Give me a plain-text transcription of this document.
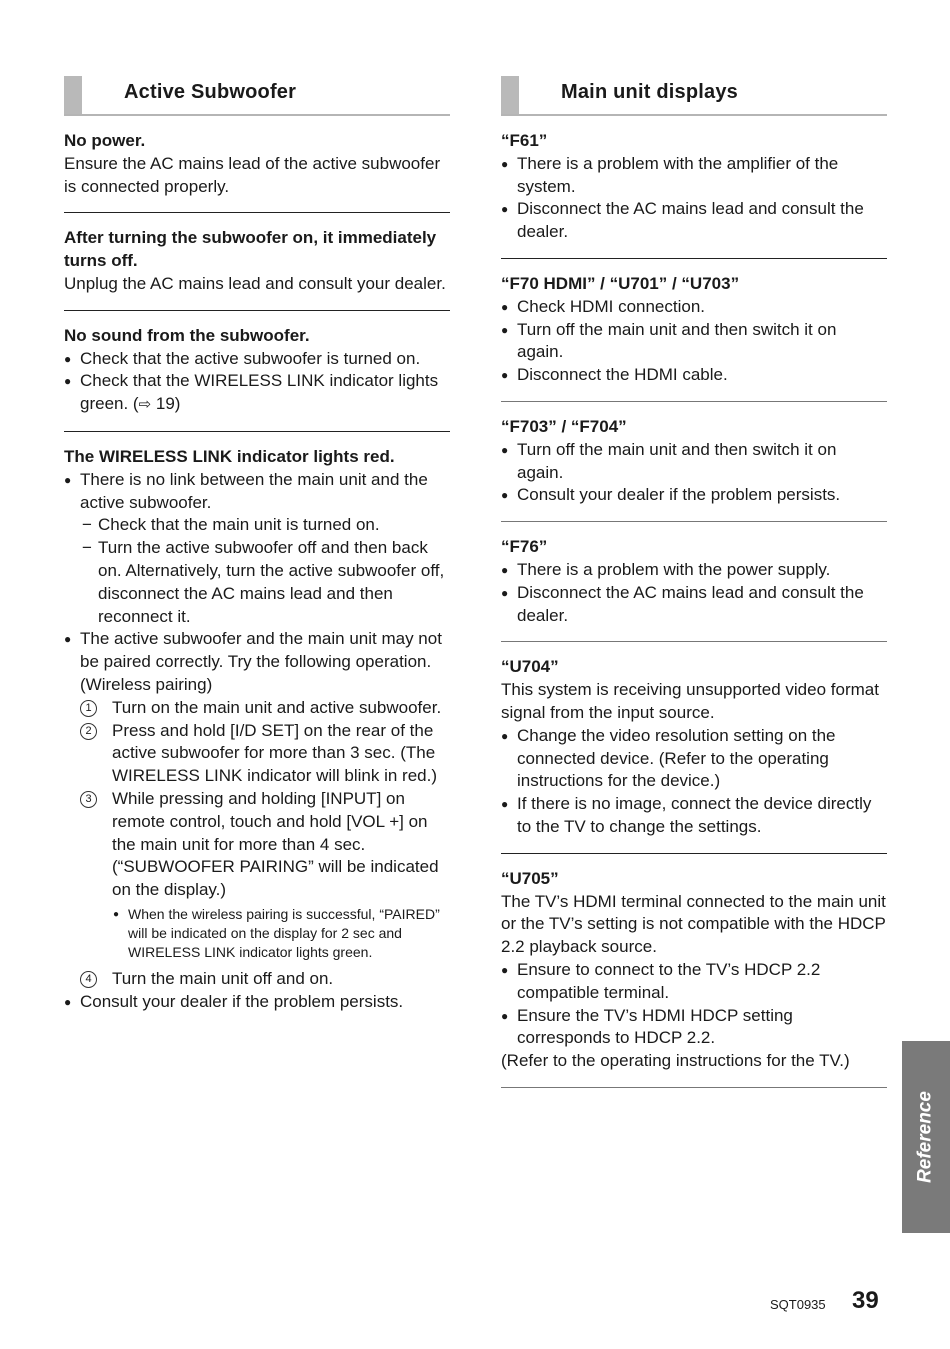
Active Subwoofer

No power.

Ensure the AC mains lead of the active subwoofer is connected properly.

After turning the subwoofer on, it immediately turns off.

Unplug the AC mains lead and consult your dealer.

No sound from the subwoofer.

● Check that the active subwoofer is turned on.
● Check that the WIRELESS LINK indicator lights green. (⇨ 19)

The WIRELESS LINK indicator lights red.

● There is no link between the main unit and the active subwoofer.
− Check that the main unit is turned on.
− Turn the active subwoofer off and then back on. Alternatively, turn the active subwoofer off, disconnect the AC mains lead and then reconnect it.
● The active subwoofer and the main unit may not be paired correctly. Try the following operation. (Wireless pairing)
1	Turn on the main unit and active subwoofer.
2	Press and hold [I/D SET] on the rear of the active subwoofer for more than 3 sec. (The WIRELESS LINK indicator will blink in red.)
3	While pressing and holding [INPUT] on remote control, touch and hold [VOL +] on the main unit for more than 4 sec. (“SUBWOOFER PAIRING” will be indicated on the display.)
● When the wireless pairing is successful, “PAIRED” will be indicated on the display for 2 sec and WIRELESS LINK indicator lights green.
4	Turn the main unit off and on.
● Consult your dealer if the problem persists.
Main unit displays

“F61”

● There is a problem with the amplifier of the system.
● Disconnect the AC mains lead and consult the dealer.

“F70 HDMI” / “U701” / “U703”

● Check HDMI connection.
● Turn off the main unit and then switch it on again.
● Disconnect the HDMI cable.

“F703” / “F704”

● Turn off the main unit and then switch it on again.
● Consult your dealer if the problem persists.

“F76”

● There is a problem with the power supply.
● Disconnect the AC mains lead and consult the dealer.

“U704”

This system is receiving unsupported video format signal from the input source.

● Change the video resolution setting on the connected device. (Refer to the operating instructions for the device.)
● If there is no image, connect the device directly to the TV to change the settings.

“U705”

The TV’s HDMI terminal connected to the main unit or the TV’s setting is not compatible with the HDCP 2.2 playback source.

● Ensure to connect to the TV’s HDCP 2.2 compatible terminal.
● Ensure the TV’s HDMI HDCP setting corresponds to HDCP 2.2.

(Refer to the operating instructions for the TV.)

Reference
SQT0935 39
